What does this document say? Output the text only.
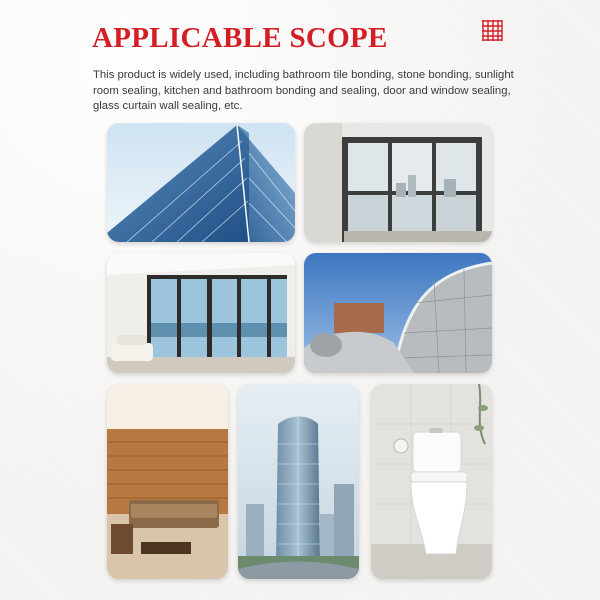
APPLICABLE SCOPE

This product is widely used, including bathroom tile bonding, stone bonding, sunlight room sealing, kitchen and bathroom bonding and sealing, door and window sealing, glass curtain wall sealing, etc.
